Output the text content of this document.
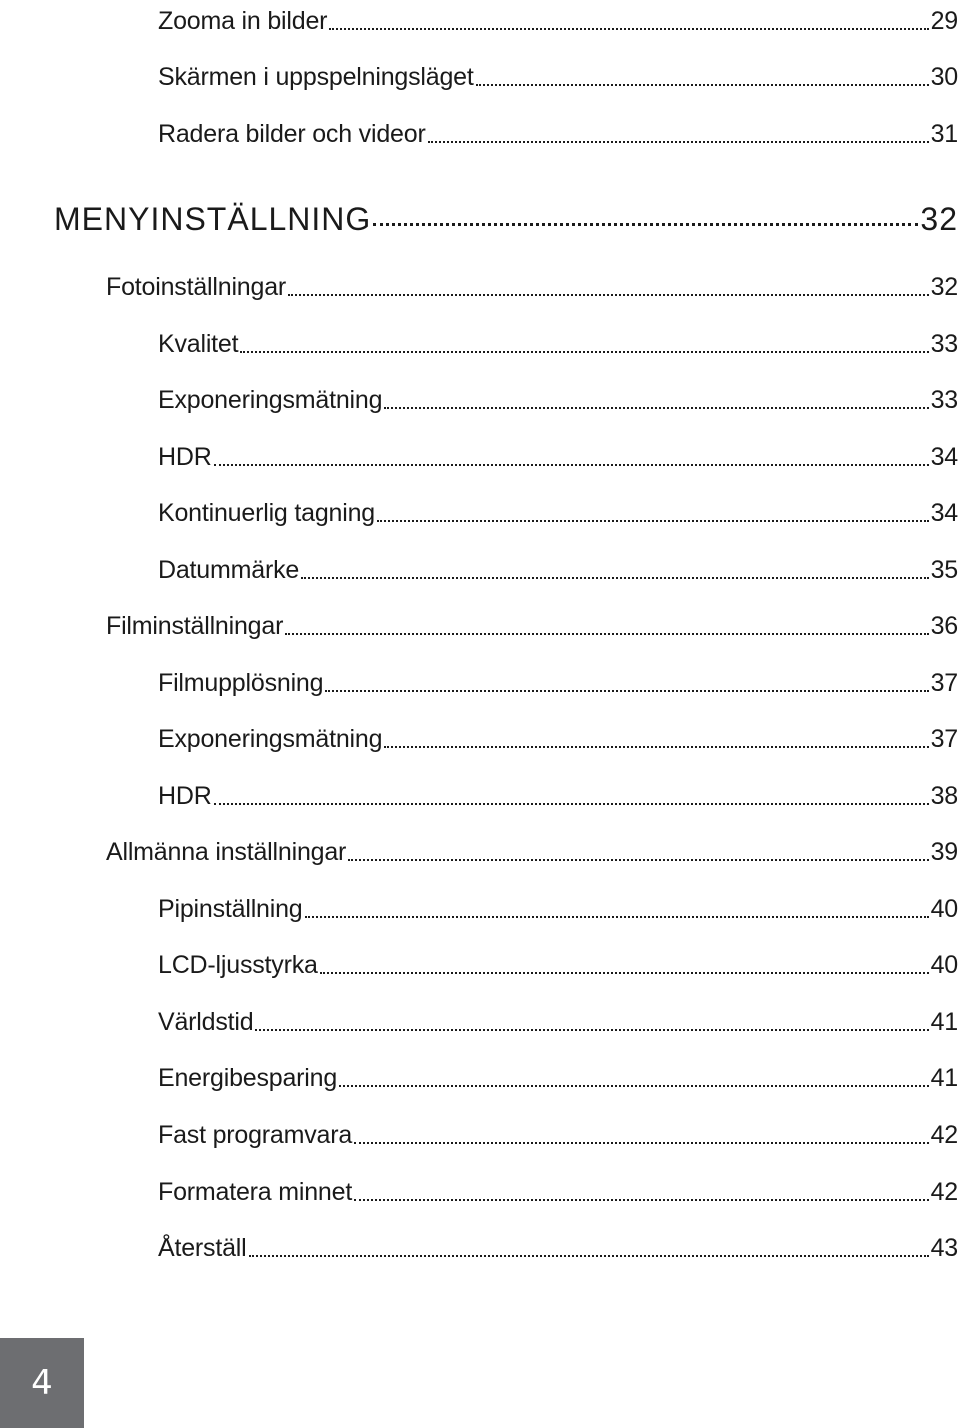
Zooma in bilder	29
Skärmen i uppspelningsläget	30
Radera bilder och videor	31
MENYINSTÄLLNING	32
Fotoinställningar	32
Kvalitet	33
Exponeringsmätning	33
HDR	34
Kontinuerlig tagning	34
Datummärke	35
Filminställningar	36
Filmupplösning	37
Exponeringsmätning	37
HDR	38
Allmänna inställningar	39
Pipinställning	40
LCD-ljusstyrka	40
Världstid	41
Energibesparing	41
Fast programvara	42
Formatera minnet	42
Återställ	43
4
